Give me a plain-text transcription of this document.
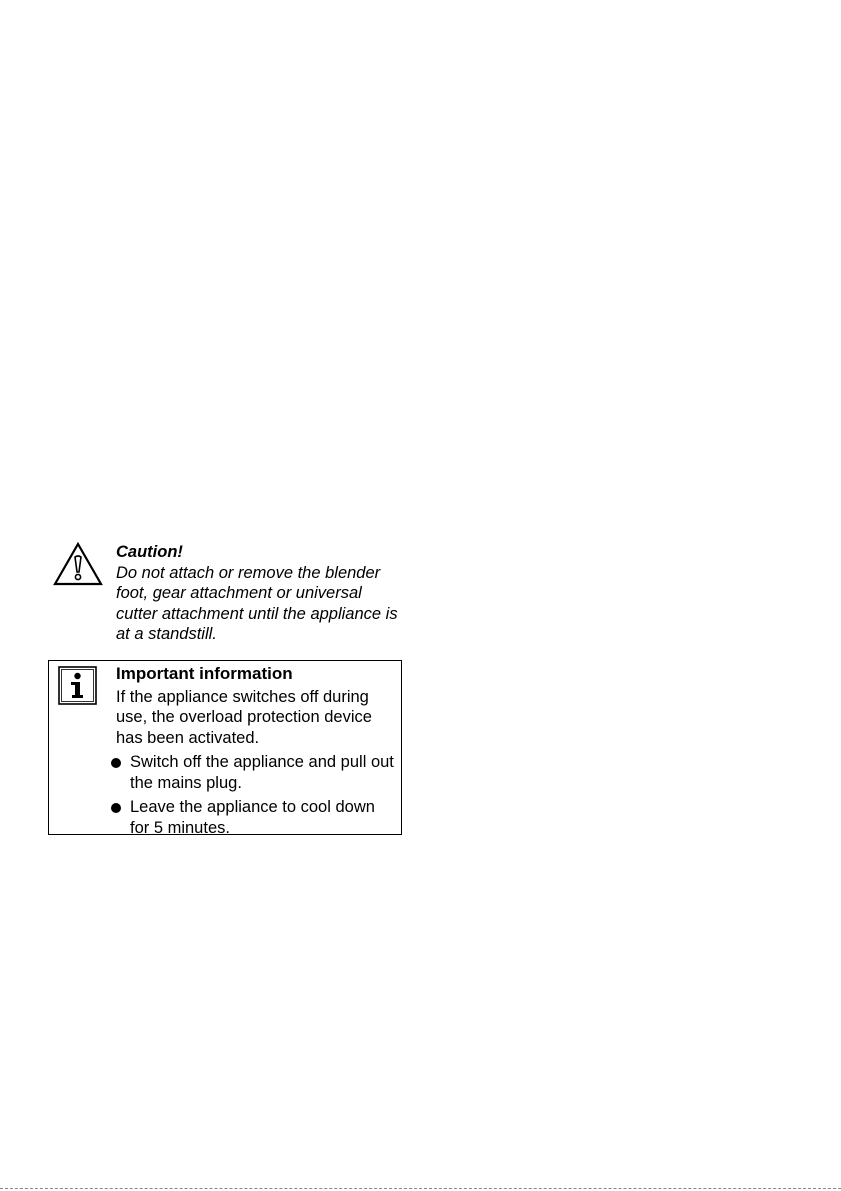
Caution!

Do not attach or remove the blender foot, gear attachment or universal cutter attachment until the appliance is at a standstill.

Important information

If the appliance switches off during use, the overload protection device has been activated.

Switch off the appliance and pull out the mains plug.
Leave the appliance to cool down for 5 minutes.
